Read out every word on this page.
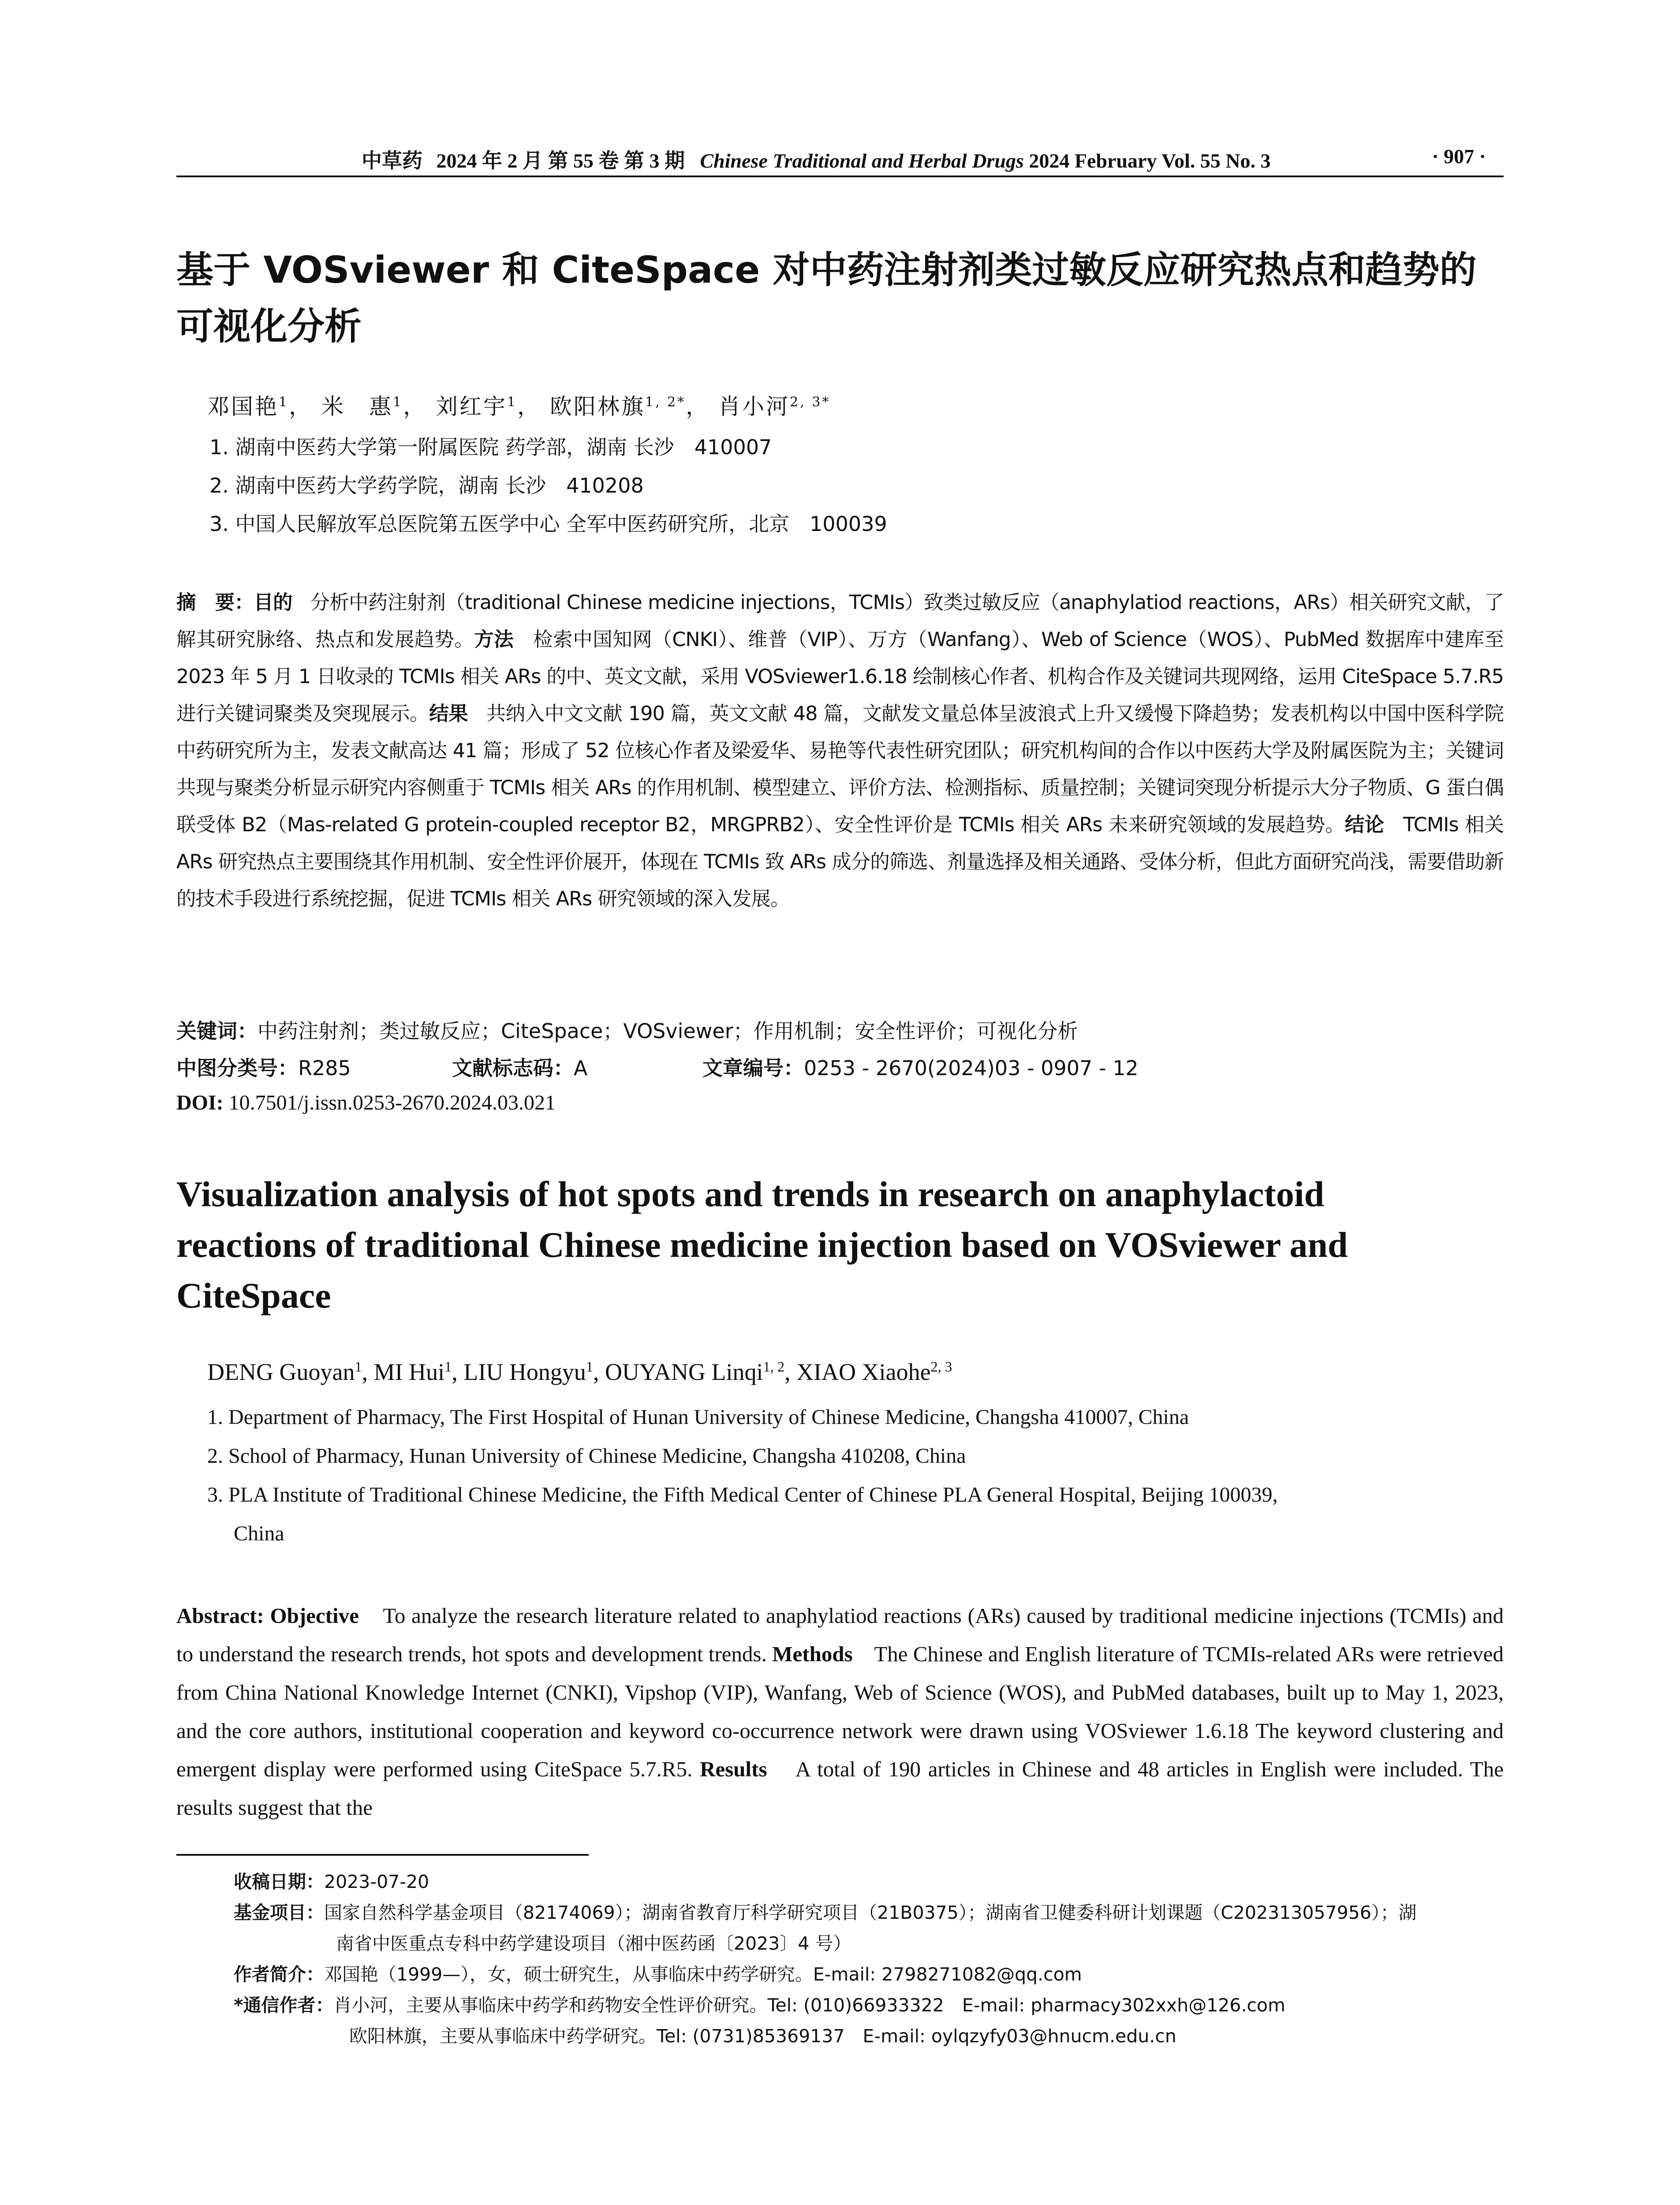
中草药 2024 年 2 月 第 55 卷 第 3 期 Chinese Traditional and Herbal Drugs 2024 February Vol. 55 No. 3	· 907 ·
基于 VOSviewer 和 CiteSpace 对中药注射剂类过敏反应研究热点和趋势的
可视化分析
邓国艳$^1$， 米　惠$^1$， 刘红宇$^1$， 欧阳林旗$^{1, 2*}$， 肖小河$^{2, 3*}$
1. 湖南中医药大学第一附属医院 药学部，湖南 长沙　410007
2. 湖南中医药大学药学院，湖南 长沙　410208
3. 中国人民解放军总医院第五医学中心 全军中医药研究所，北京　100039
摘　要：目的 分析中药注射剂（traditional Chinese medicine injections，TCMIs）致类过敏反应（anaphylatiod reactions，ARs）相关研究文献，了解其研究脉络、热点和发展趋势。方法 检索中国知网（CNKI）、维普（VIP）、万方（Wanfang）、Web of Science（WOS）、PubMed 数据库中建库至 2023 年 5 月 1 日收录的 TCMIs 相关 ARs 的中、英文文献，采用 VOSviewer1.6.18 绘制核心作者、机构合作及关键词共现网络，运用 CiteSpace 5.7.R5 进行关键词聚类及突现展示。结果 共纳入中文文献 190 篇，英文文献 48 篇，文献发文量总体呈波浪式上升又缓慢下降趋势；发表机构以中国中医科学院中药研究所为主，发表文献高达 41 篇；形成了 52 位核心作者及梁爱华、易艳等代表性研究团队；研究机构间的合作以中医药大学及附属医院为主；关键词共现与聚类分析显示研究内容侧重于 TCMIs 相关 ARs 的作用机制、模型建立、评价方法、检测指标、质量控制；关键词突现分析提示大分子物质、G 蛋白偶联受体 B2（Mas-related G protein-coupled receptor B2，MRGPRB2）、安全性评价是 TCMIs 相关 ARs 未来研究领域的发展趋势。结论 TCMIs 相关 ARs 研究热点主要围绕其作用机制、安全性评价展开，体现在 TCMIs 致 ARs 成分的筛选、剂量选择及相关通路、受体分析，但此方面研究尚浅，需要借助新的技术手段进行系统挖掘，促进 TCMIs 相关 ARs 研究领域的深入发展。
关键词：中药注射剂；类过敏反应；CiteSpace；VOSviewer；作用机制；安全性评价；可视化分析
中图分类号：R285	文献标志码：A	文章编号：0253 - 2670(2024)03 - 0907 - 12
DOI: 10.7501/j.issn.0253-2670.2024.03.021
Visualization analysis of hot spots and trends in research on anaphylactoid
reactions of traditional Chinese medicine injection based on VOSviewer and
CiteSpace
DENG Guoyan$^1$, MI Hui$^1$, LIU Hongyu$^1$, OUYANG Linqi$^{1, 2}$, XIAO Xiaohe$^{2, 3}$
1. Department of Pharmacy, The First Hospital of Hunan University of Chinese Medicine, Changsha 410007, China
2. School of Pharmacy, Hunan University of Chinese Medicine, Changsha 410208, China
3. PLA Institute of Traditional Chinese Medicine, the Fifth Medical Center of Chinese PLA General Hospital, Beijing 100039,
China
Abstract: Objective To analyze the research literature related to anaphylatiod reactions (ARs) caused by traditional medicine injections (TCMIs) and to understand the research trends, hot spots and development trends. Methods The Chinese and English literature of TCMIs-related ARs were retrieved from China National Knowledge Internet (CNKI), Vipshop (VIP), Wanfang, Web of Science (WOS), and PubMed databases, built up to May 1, 2023, and the core authors, institutional cooperation and keyword co-occurrence network were drawn using VOSviewer 1.6.18 The keyword clustering and emergent display were performed using CiteSpace 5.7.R5. Results A total of 190 articles in Chinese and 48 articles in English were included. The results suggest that the
收稿日期：2023-07-20
基金项目：国家自然科学基金项目（82174069）；湖南省教育厅科学研究项目（21B0375）；湖南省卫健委科研计划课题（C202313057956）；湖
南省中医重点专科中药学建设项目（湘中医药函〔2023〕4 号）
作者简介：邓国艳（1999—），女，硕士研究生，从事临床中药学研究。E-mail: 2798271082@qq.com
*通信作者：肖小河，主要从事临床中药学和药物安全性评价研究。Tel: (010)66933322　E-mail: pharmacy302xxh@126.com
欧阳林旗，主要从事临床中药学研究。Tel: (0731)85369137　E-mail: oylqzyfy03@hnucm.edu.cn
